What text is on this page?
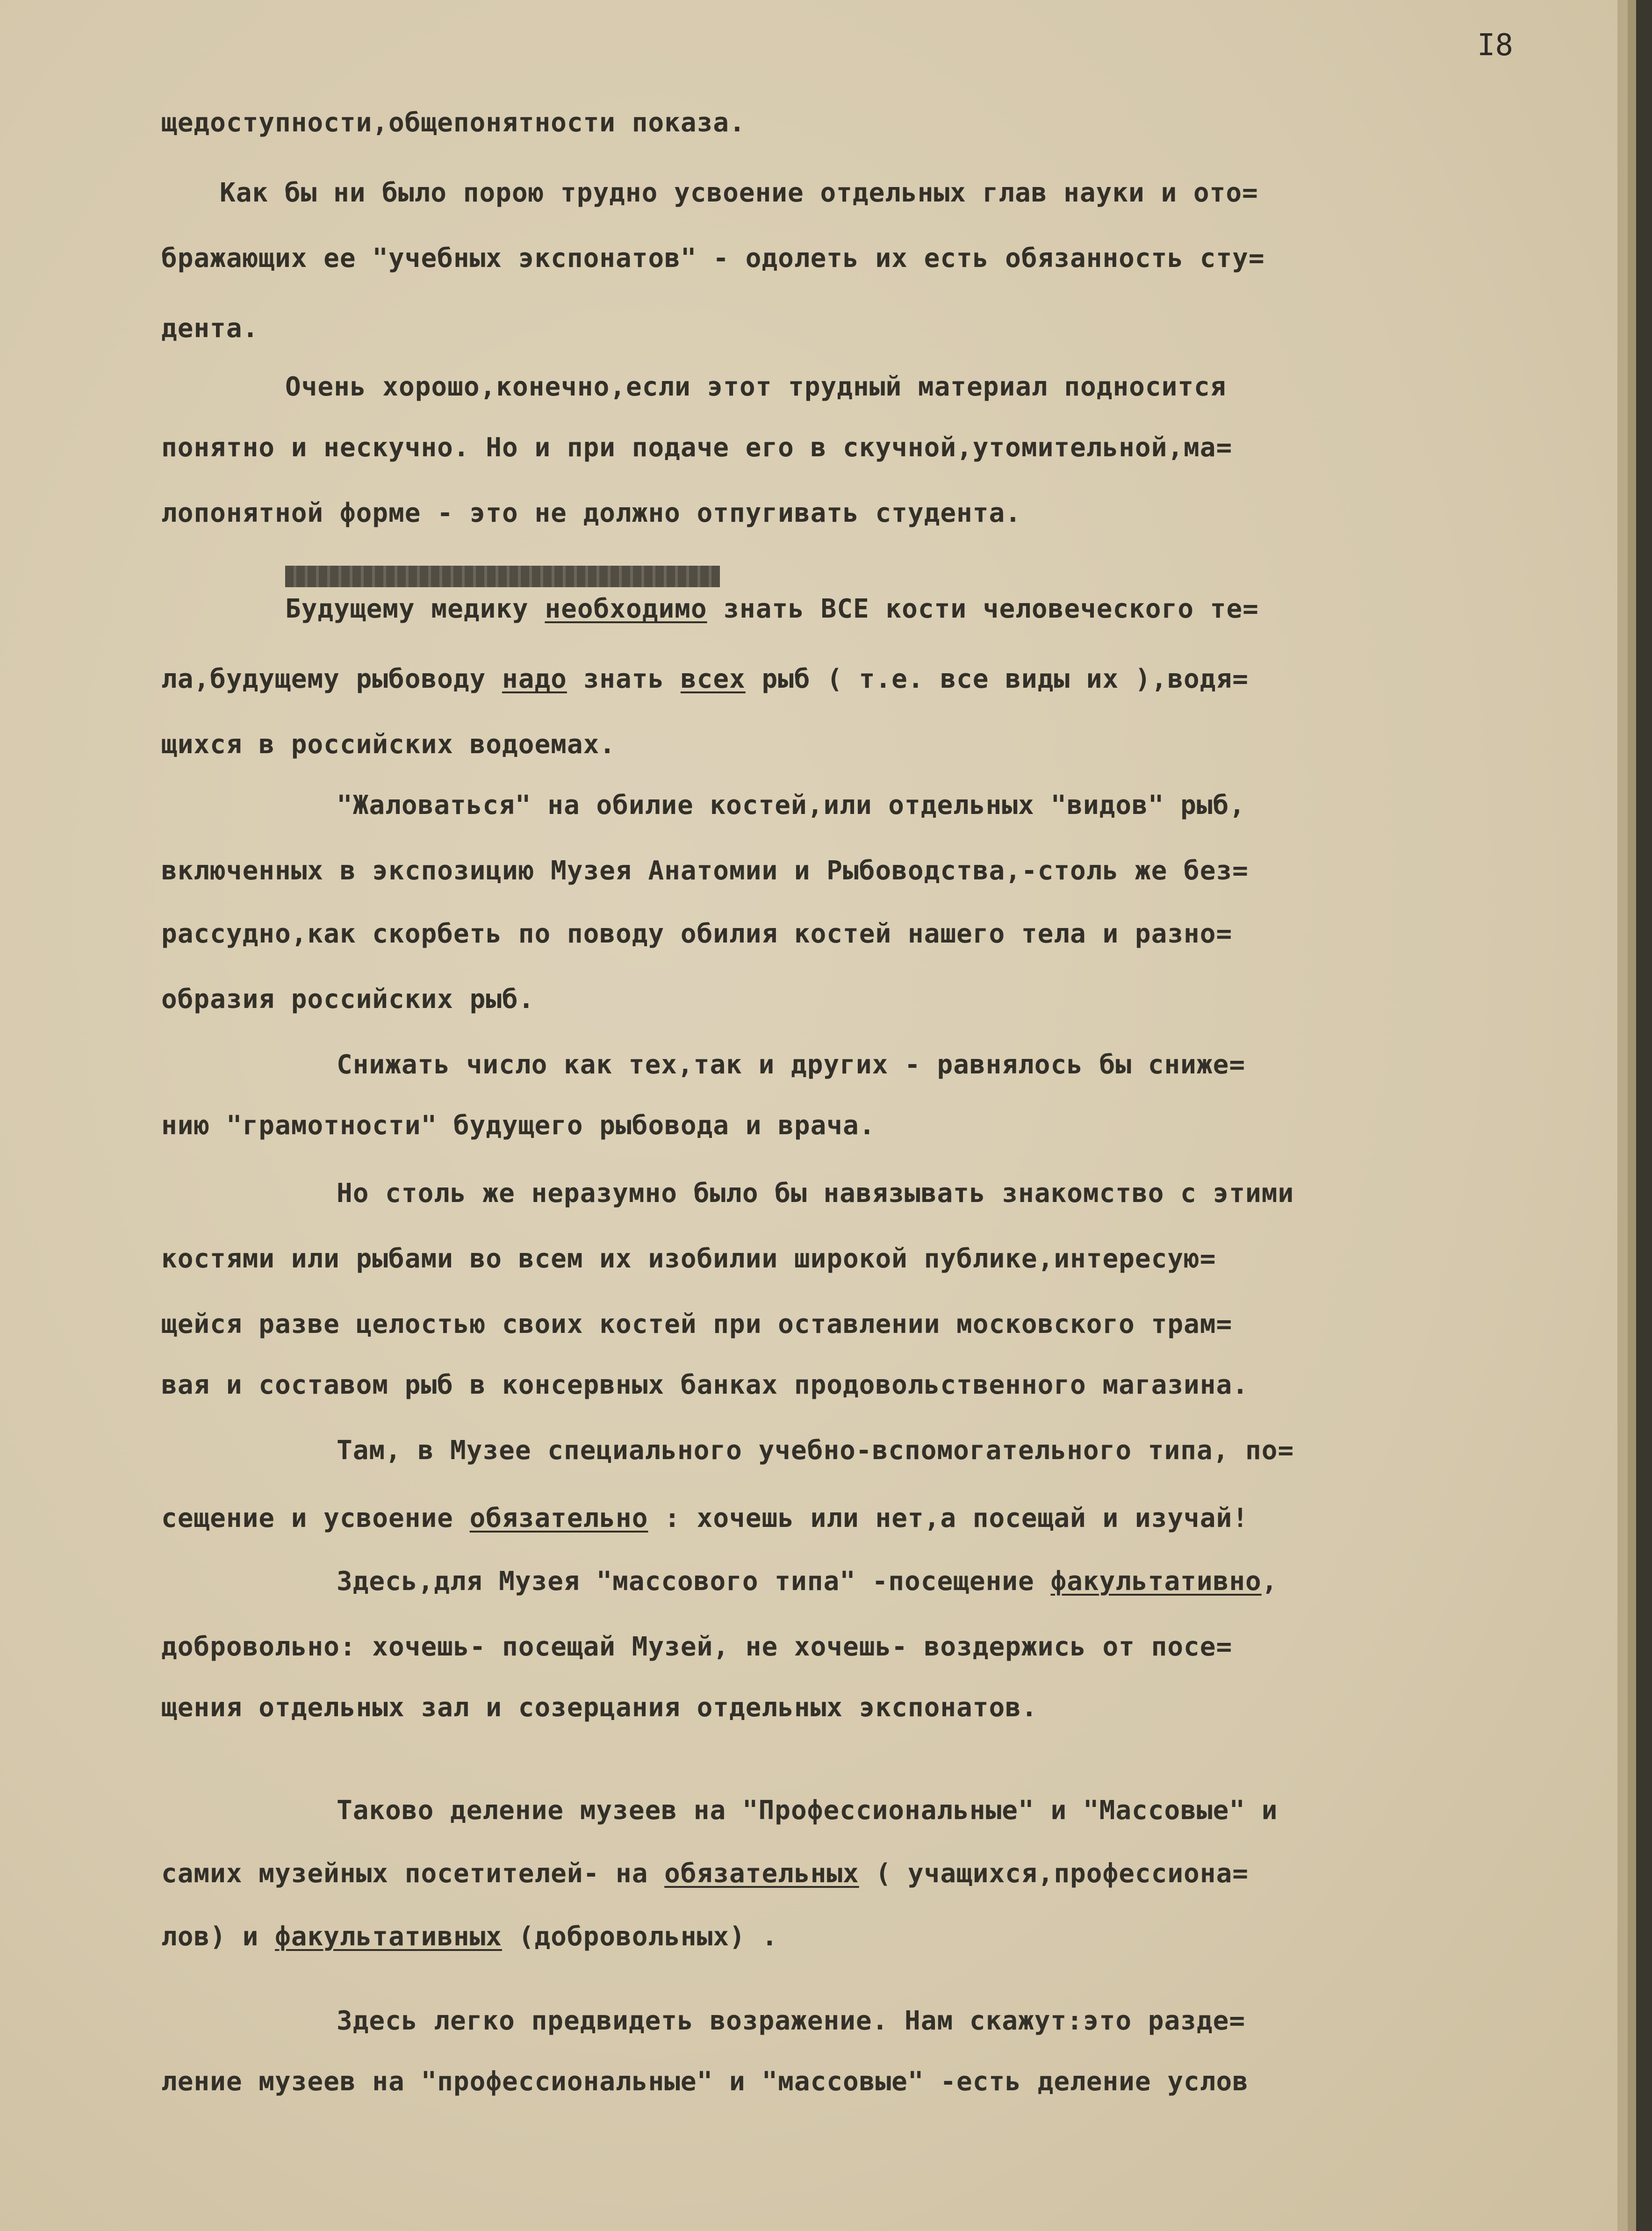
I8
щедоступности,общепонятности показа.
Как бы ни было порою трудно усвоение отдельных глав науки и ото=
бражающих ее "учебных экспонатов" - одолеть их есть обязанность сту=
дента.
Очень хорошо,конечно,если этот трудный материал подносится
понятно и нескучно. Но и при подаче его в скучной,утомительной,ма=
лопонятной форме - это не должно отпугивать студента.
Будущему медику необходимо знать ВСЕ кости человеческого те=
ла,будущему рыбоводу надо знать всех рыб ( т.е. все виды их ),водя=
щихся в российских водоемах.
"Жаловаться" на обилие костей,или отдельных "видов" рыб,
включенных в экспозицию Музея Анатомии и Рыбоводства,-столь же без=
рассудно,как скорбеть по поводу обилия костей нашего тела и разно=
образия российских рыб.
Снижать число как тех,так и других - равнялось бы сниже=
нию "грамотности" будущего рыбовода и врача.
Но столь же неразумно было бы навязывать знакомство с этими
костями или рыбами во всем их изобилии широкой публике,интересую=
щейся разве целостью своих костей при оставлении московского трам=
вая и составом рыб в консервных банках продовольственного магазина.
Там, в Музее специального учебно-вспомогательного типа, по=
сещение и усвоение обязательно : хочешь или нет,а посещай и изучай!
Здесь,для Музея "массового типа" -посещение факультативно,
добровольно: хочешь- посещай Музей, не хочешь- воздержись от посе=
щения отдельных зал и созерцания отдельных экспонатов.
Таково деление музеев на "Профессиональные" и "Массовые" и
самих музейных посетителей- на обязательных ( учащихся,профессиона=
лов) и факультативных (добровольных) .
Здесь легко предвидеть возражение. Нам скажут:это разде=
ление музеев на "профессиональные" и "массовые" -есть деление услов
